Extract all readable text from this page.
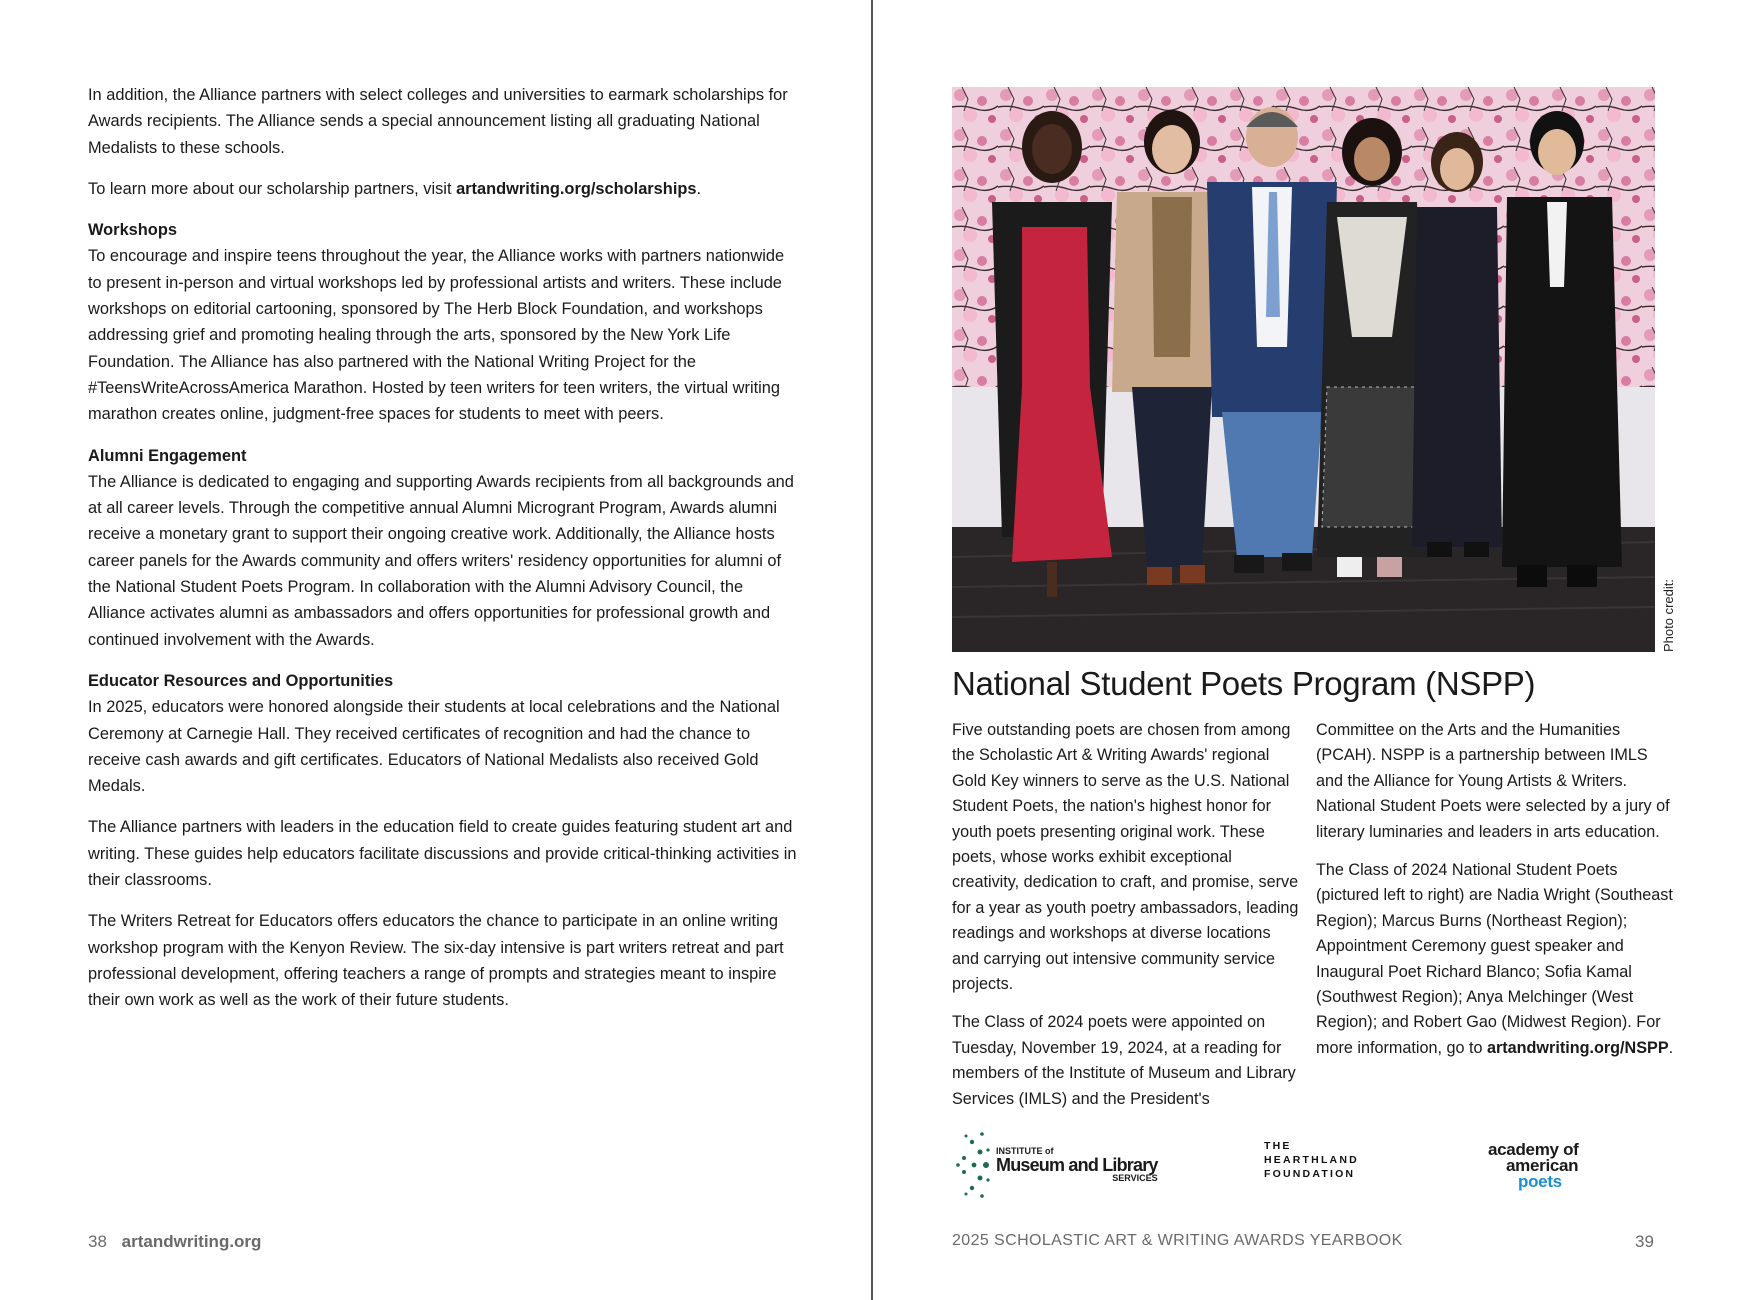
In addition, the Alliance partners with select colleges and universities to earmark scholarships for Awards recipients. The Alliance sends a special announcement listing all graduating National Medalists to these schools.

To learn more about our scholarship partners, visit artandwriting.org/scholarships.

Workshops

To encourage and inspire teens throughout the year, the Alliance works with partners nationwide to present in-person and virtual workshops led by professional artists and writers. These include workshops on editorial cartooning, sponsored by The Herb Block Foundation, and workshops addressing grief and promoting healing through the arts, sponsored by the New York Life Foundation. The Alliance has also partnered with the National Writing Project for the #TeensWriteAcrossAmerica Marathon. Hosted by teen writers for teen writers, the virtual writing marathon creates online, judgment-free spaces for students to meet with peers.

Alumni Engagement

The Alliance is dedicated to engaging and supporting Awards recipients from all backgrounds and at all career levels. Through the competitive annual Alumni Microgrant Program, Awards alumni receive a monetary grant to support their ongoing creative work. Additionally, the Alliance hosts career panels for the Awards community and offers writers' residency opportunities for alumni of the National Student Poets Program. In collaboration with the Alumni Advisory Council, the Alliance activates alumni as ambassadors and offers opportunities for professional growth and continued involvement with the Awards.

Educator Resources and Opportunities

In 2025, educators were honored alongside their students at local celebrations and the National Ceremony at Carnegie Hall. They received certificates of recognition and had the chance to receive cash awards and gift certificates. Educators of National Medalists also received Gold Medals.

The Alliance partners with leaders in the education field to create guides featuring student art and writing. These guides help educators facilitate discussions and provide critical-thinking activities in their classrooms.

The Writers Retreat for Educators offers educators the chance to participate in an online writing workshop program with the Kenyon Review. The six-day intensive is part writers retreat and part professional development, offering teachers a range of prompts and strategies meant to inspire their own work as well as the work of their future students.

38 artandwriting.org
Photo credit:
National Student Poets Program (NSPP)

Five outstanding poets are chosen from among the Scholastic Art & Writing Awards' regional Gold Key winners to serve as the U.S. National Student Poets, the nation's highest honor for youth poets presenting original work. These poets, whose works exhibit exceptional creativity, dedication to craft, and promise, serve for a year as youth poetry ambassadors, leading readings and workshops at diverse locations and carrying out intensive community service projects.

The Class of 2024 poets were appointed on Tuesday, November 19, 2024, at a reading for members of the Institute of Museum and Library Services (IMLS) and the President's

Committee on the Arts and the Humanities (PCAH). NSPP is a partnership between IMLS and the Alliance for Young Artists & Writers. National Student Poets were selected by a jury of literary luminaries and leaders in arts education.

The Class of 2024 National Student Poets (pictured left to right) are Nadia Wright (Southeast Region); Marcus Burns (Northeast Region); Appointment Ceremony guest speaker and Inaugural Poet Richard Blanco; Sofia Kamal (Southwest Region); Anya Melchinger (West Region); and Robert Gao (Midwest Region). For more information, go to artandwriting.org/NSPP.

INSTITUTE of
Museum and Library
SERVICES
THE
HEARTHLAND
FOUNDATION
academy of
american
poets
2025 SCHOLASTIC ART & WRITING AWARDS YEARBOOK	39
